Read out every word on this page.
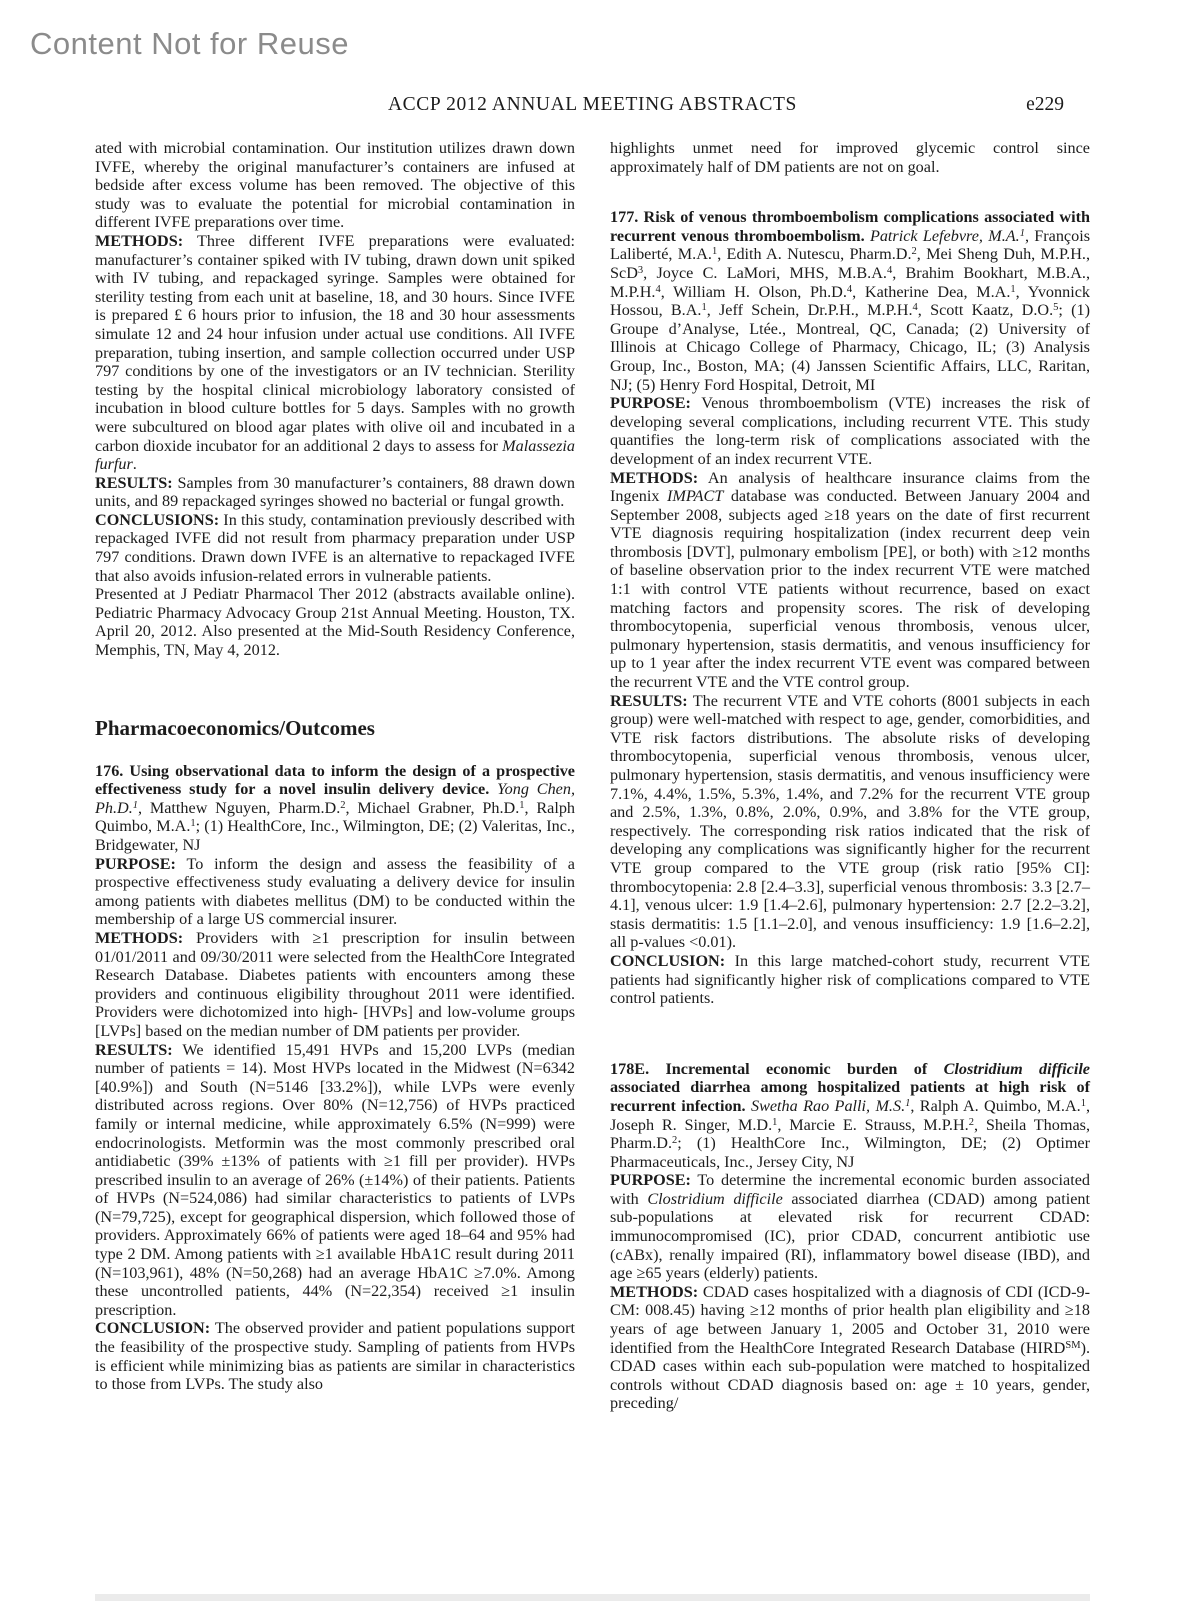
Content Not for Reuse
ACCP 2012 ANNUAL MEETING ABSTRACTS	e229
ated with microbial contamination. Our institution utilizes drawn down IVFE, whereby the original manufacturer’s containers are infused at bedside after excess volume has been removed. The objective of this study was to evaluate the potential for microbial contamination in different IVFE preparations over time.
METHODS: Three different IVFE preparations were evaluated: manufacturer’s container spiked with IV tubing, drawn down unit spiked with IV tubing, and repackaged syringe. Samples were obtained for sterility testing from each unit at baseline, 18, and 30 hours. Since IVFE is prepared £ 6 hours prior to infusion, the 18 and 30 hour assessments simulate 12 and 24 hour infusion under actual use conditions. All IVFE preparation, tubing insertion, and sample collection occurred under USP 797 conditions by one of the investigators or an IV technician. Sterility testing by the hospital clinical microbiology laboratory consisted of incubation in blood culture bottles for 5 days. Samples with no growth were subcultured on blood agar plates with olive oil and incubated in a carbon dioxide incubator for an additional 2 days to assess for Malassezia furfur.
RESULTS: Samples from 30 manufacturer’s containers, 88 drawn down units, and 89 repackaged syringes showed no bacterial or fungal growth.
CONCLUSIONS: In this study, contamination previously described with repackaged IVFE did not result from pharmacy preparation under USP 797 conditions. Drawn down IVFE is an alternative to repackaged IVFE that also avoids infusion-related errors in vulnerable patients.
Presented at J Pediatr Pharmacol Ther 2012 (abstracts available online). Pediatric Pharmacy Advocacy Group 21st Annual Meeting. Houston, TX. April 20, 2012. Also presented at the Mid-South Residency Conference, Memphis, TN, May 4, 2012.
Pharmacoeconomics/Outcomes
176. Using observational data to inform the design of a prospective effectiveness study for a novel insulin delivery device. Yong Chen, Ph.D.$^1$, Matthew Nguyen, Pharm.D.$^2$, Michael Grabner, Ph.D.$^1$, Ralph Quimbo, M.A.$^1$; (1) HealthCore, Inc., Wilmington, DE; (2) Valeritas, Inc., Bridgewater, NJ
PURPOSE: To inform the design and assess the feasibility of a prospective effectiveness study evaluating a delivery device for insulin among patients with diabetes mellitus (DM) to be conducted within the membership of a large US commercial insurer.
METHODS: Providers with ≥1 prescription for insulin between 01/01/2011 and 09/30/2011 were selected from the HealthCore Integrated Research Database. Diabetes patients with encounters among these providers and continuous eligibility throughout 2011 were identified. Providers were dichotomized into high- [HVPs] and low-volume groups [LVPs] based on the median number of DM patients per provider.
RESULTS: We identified 15,491 HVPs and 15,200 LVPs (median number of patients = 14). Most HVPs located in the Midwest (N=6342 [40.9%]) and South (N=5146 [33.2%]), while LVPs were evenly distributed across regions. Over 80% (N=12,756) of HVPs practiced family or internal medicine, while approximately 6.5% (N=999) were endocrinologists. Metformin was the most commonly prescribed oral antidiabetic (39% ±13% of patients with ≥1 fill per provider). HVPs prescribed insulin to an average of 26% (±14%) of their patients. Patients of HVPs (N=524,086) had similar characteristics to patients of LVPs (N=79,725), except for geographical dispersion, which followed those of providers. Approximately 66% of patients were aged 18–64 and 95% had type 2 DM. Among patients with ≥1 available HbA1C result during 2011 (N=103,961), 48% (N=50,268) had an average HbA1C ≥7.0%. Among these uncontrolled patients, 44% (N=22,354) received ≥1 insulin prescription.
CONCLUSION: The observed provider and patient populations support the feasibility of the prospective study. Sampling of patients from HVPs is efficient while minimizing bias as patients are similar in characteristics to those from LVPs. The study also
highlights unmet need for improved glycemic control since approximately half of DM patients are not on goal.
177. Risk of venous thromboembolism complications associated with recurrent venous thromboembolism. Patrick Lefebvre, M.A.$^1$, François Laliberté, M.A.$^1$, Edith A. Nutescu, Pharm.D.$^2$, Mei Sheng Duh, M.P.H., ScD$^3$, Joyce C. LaMori, MHS, M.B.A.$^4$, Brahim Bookhart, M.B.A., M.P.H.$^4$, William H. Olson, Ph.D.$^4$, Katherine Dea, M.A.$^1$, Yvonnick Hossou, B.A.$^1$, Jeff Schein, Dr.P.H., M.P.H.$^4$, Scott Kaatz, D.O.$^5$; (1) Groupe d’Analyse, Ltée., Montreal, QC, Canada; (2) University of Illinois at Chicago College of Pharmacy, Chicago, IL; (3) Analysis Group, Inc., Boston, MA; (4) Janssen Scientific Affairs, LLC, Raritan, NJ; (5) Henry Ford Hospital, Detroit, MI
PURPOSE: Venous thromboembolism (VTE) increases the risk of developing several complications, including recurrent VTE. This study quantifies the long-term risk of complications associated with the development of an index recurrent VTE.
METHODS: An analysis of healthcare insurance claims from the Ingenix IMPACT database was conducted. Between January 2004 and September 2008, subjects aged ≥18 years on the date of first recurrent VTE diagnosis requiring hospitalization (index recurrent deep vein thrombosis [DVT], pulmonary embolism [PE], or both) with ≥12 months of baseline observation prior to the index recurrent VTE were matched 1:1 with control VTE patients without recurrence, based on exact matching factors and propensity scores. The risk of developing thrombocytopenia, superficial venous thrombosis, venous ulcer, pulmonary hypertension, stasis dermatitis, and venous insufficiency for up to 1 year after the index recurrent VTE event was compared between the recurrent VTE and the VTE control group.
RESULTS: The recurrent VTE and VTE cohorts (8001 subjects in each group) were well-matched with respect to age, gender, comorbidities, and VTE risk factors distributions. The absolute risks of developing thrombocytopenia, superficial venous thrombosis, venous ulcer, pulmonary hypertension, stasis dermatitis, and venous insufficiency were 7.1%, 4.4%, 1.5%, 5.3%, 1.4%, and 7.2% for the recurrent VTE group and 2.5%, 1.3%, 0.8%, 2.0%, 0.9%, and 3.8% for the VTE group, respectively. The corresponding risk ratios indicated that the risk of developing any complications was significantly higher for the recurrent VTE group compared to the VTE group (risk ratio [95% CI]: thrombocytopenia: 2.8 [2.4–3.3], superficial venous thrombosis: 3.3 [2.7–4.1], venous ulcer: 1.9 [1.4–2.6], pulmonary hypertension: 2.7 [2.2–3.2], stasis dermatitis: 1.5 [1.1–2.0], and venous insufficiency: 1.9 [1.6–2.2], all p-values <0.01).
CONCLUSION: In this large matched-cohort study, recurrent VTE patients had significantly higher risk of complications compared to VTE control patients.
178E. Incremental economic burden of Clostridium difficile associated diarrhea among hospitalized patients at high risk of recurrent infection. Swetha Rao Palli, M.S.$^1$, Ralph A. Quimbo, M.A.$^1$, Joseph R. Singer, M.D.$^1$, Marcie E. Strauss, M.P.H.$^2$, Sheila Thomas, Pharm.D.$^2$; (1) HealthCore Inc., Wilmington, DE; (2) Optimer Pharmaceuticals, Inc., Jersey City, NJ
PURPOSE: To determine the incremental economic burden associated with Clostridium difficile associated diarrhea (CDAD) among patient sub-populations at elevated risk for recurrent CDAD: immunocompromised (IC), prior CDAD, concurrent antibiotic use (cABx), renally impaired (RI), inflammatory bowel disease (IBD), and age ≥65 years (elderly) patients.
METHODS: CDAD cases hospitalized with a diagnosis of CDI (ICD-9-CM: 008.45) having ≥12 months of prior health plan eligibility and ≥18 years of age between January 1, 2005 and October 31, 2010 were identified from the HealthCore Integrated Research Database (HIRD℠). CDAD cases within each sub-population were matched to hospitalized controls without CDAD diagnosis based on: age ± 10 years, gender, preceding/
